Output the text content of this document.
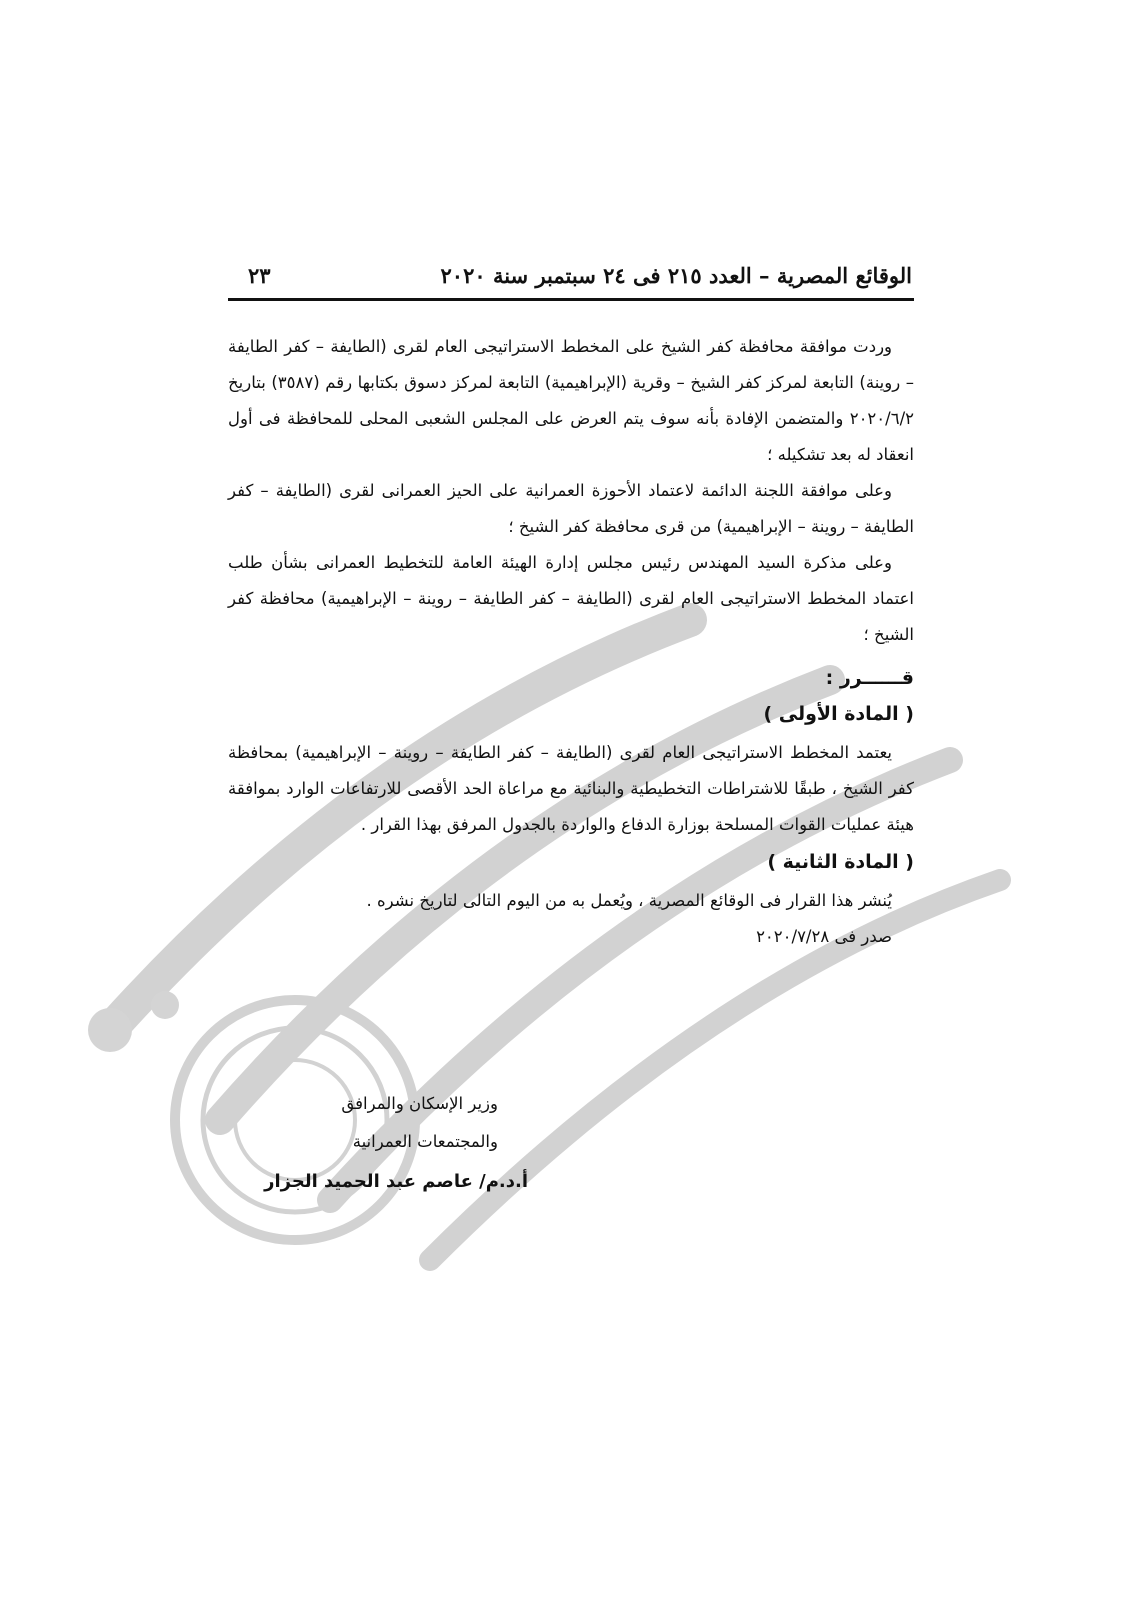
الوقائع المصرية – العدد ٢١٥ فى ٢٤ سبتمبر سنة ٢٠٢٠
٢٣

وردت موافقة محافظة كفر الشيخ على المخطط الاستراتيجى العام لقرى (الطايفة – كفر الطايفة – روينة) التابعة لمركز كفر الشيخ – وقرية (الإبراهيمية) التابعة لمركز دسوق بكتابها رقم (٣٥٨٧) بتاريخ ٢٠٢٠/٦/٢ والمتضمن الإفادة بأنه سوف يتم العرض على المجلس الشعبى المحلى للمحافظة فى أول انعقاد له بعد تشكيله ؛

وعلى موافقة اللجنة الدائمة لاعتماد الأحوزة العمرانية على الحيز العمرانى لقرى (الطايفة – كفر الطايفة – روينة – الإبراهيمية) من قرى محافظة كفر الشيخ ؛

وعلى مذكرة السيد المهندس رئيس مجلس إدارة الهيئة العامة للتخطيط العمرانى بشأن طلب اعتماد المخطط الاستراتيجى العام لقرى (الطايفة – كفر الطايفة – روينة – الإبراهيمية) محافظة كفر الشيخ ؛

قــــــرر :
( المادة الأولى )

يعتمد المخطط الاستراتيجى العام لقرى (الطايفة – كفر الطايفة – روينة – الإبراهيمية) بمحافظة كفر الشيخ ، طبقًا للاشتراطات التخطيطية والبنائية مع مراعاة الحد الأقصى للارتفاعات الوارد بموافقة هيئة عمليات القوات المسلحة بوزارة الدفاع والواردة بالجدول المرفق بهذا القرار .

( المادة الثانية )

يُنشر هذا القرار فى الوقائع المصرية ، ويُعمل به من اليوم التالى لتاريخ نشره .

صدر فى ٢٠٢٠/٧/٢٨

وزير الإسكان والمرافق
والمجتمعات العمرانية
أ.د.م/ عاصم عبد الحميد الجزار
